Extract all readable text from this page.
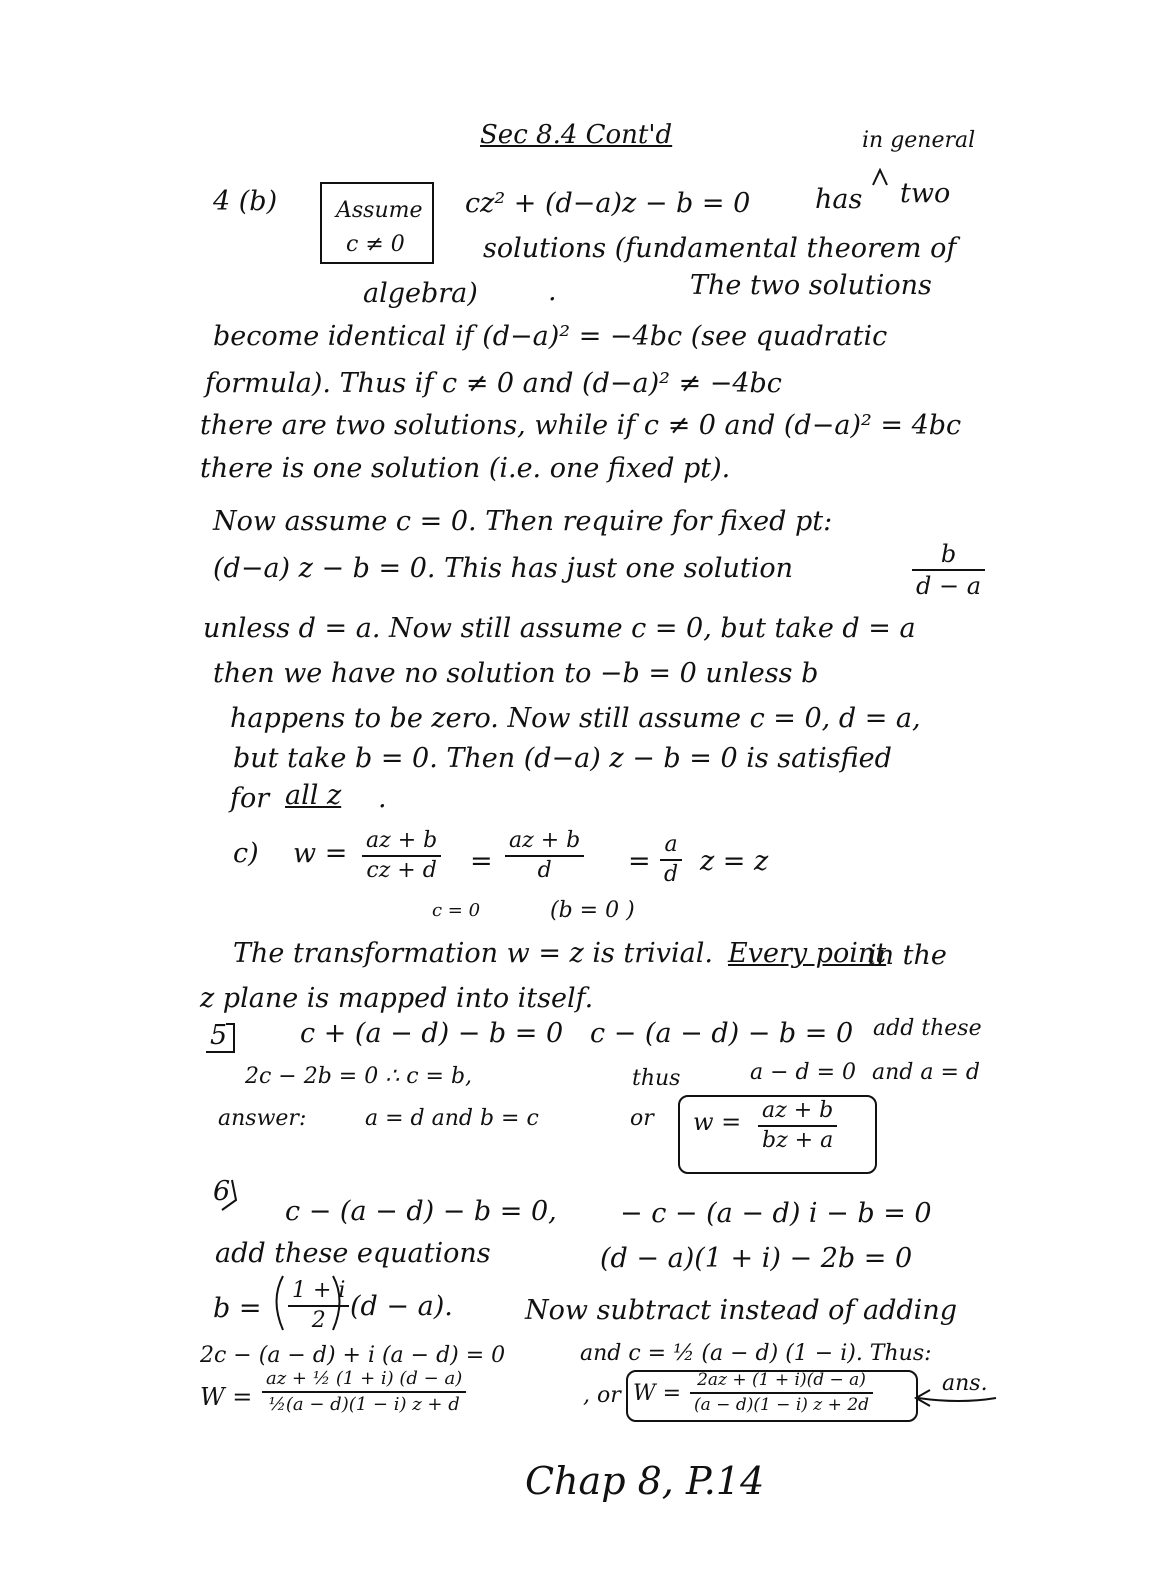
Sec 8.4 Cont'd	in general
4 (b)	Assume
c ≠ 0
cz² + (d−a)z − b = 0 has two
solutions (fundamental theorem of
algebra)	.	The two solutions
become identical if (d−a)² = −4bc (see quadratic
formula). Thus if c ≠ 0 and (d−a)² ≠ −4bc
there are two solutions, while if c ≠ 0 and (d−a)² = 4bc
there is one solution (i.e. one fixed pt).
Now assume c = 0. Then require for fixed pt:
(d−a) z − b = 0. This has just one solution	$\frac{b}{d - a}$
unless d = a. Now still assume c = 0, but take d = a
then we have no solution to −b = 0 unless b
happens to be zero. Now still assume c = 0, d = a,
but take b = 0. Then (d−a) z − b = 0 is satisfied
for all z .
c) $w = \frac{az + b}{cz + d} = \frac{az + b}{d} = \frac{a}{d}$ z = z
c = 0	(b = 0 )
The transformation w = z is trivial. Every point
in the
z plane is mapped into itself.
5	c + (a − d) − b = 0 c − (a − d) − b = 0 add these
2c − 2b = 0 ∴ c = b,	thus	a − d = 0 and a = d
answer:	a = d and b = c	or $w = \frac{az + b}{bz + a}$
6
c − (a − d) − b = 0, − c − (a − d) i − b = 0
add these equations	(d − a)(1 + i) − 2b = 0
$b = \frac{1 + i}{2} (d - a)$.	Now subtract instead of adding
2c − (a − d) + i (a − d) = 0	and c = ½ (a − d) (1 − i). Thus:
$W = \frac{\text{az + ½ (1 + i) (d − a)}}{\text{½(a − d)(1 − i) z + d}}$	, or $W = \frac{2az + (1 + i)(d - a)}{(a - d)(1 - i) z + 2d}$	ans.
Chap 8, P.14
